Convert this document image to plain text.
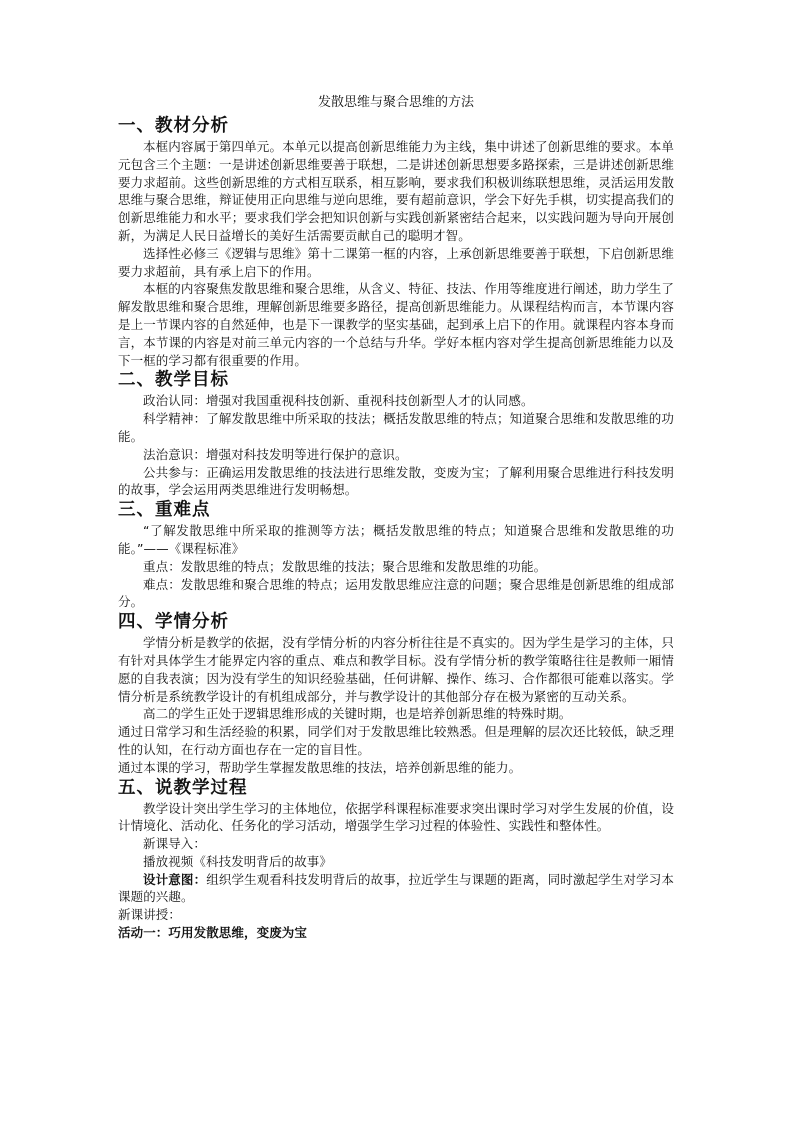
发散思维与聚合思维的方法
一、教材分析

本框内容属于第四单元。本单元以提高创新思维能力为主线，集中讲述了创新思维的要求。本单元包含三个主题：一是讲述创新思维要善于联想，二是讲述创新思想要多路探索，三是讲述创新思维要力求超前。这些创新思维的方式相互联系，相互影响，要求我们积极训练联想思维，灵活运用发散思维与聚合思维，辩证使用正向思维与逆向思维，要有超前意识，学会下好先手棋，切实提高我们的创新思维能力和水平；要求我们学会把知识创新与实践创新紧密结合起来，以实践问题为导向开展创新，为满足人民日益增长的美好生活需要贡献自己的聪明才智。

选择性必修三《逻辑与思维》第十二课第一框的内容，上承创新思维要善于联想，下启创新思维要力求超前，具有承上启下的作用。

本框的内容聚焦发散思维和聚合思维，从含义、特征、技法、作用等维度进行阐述，助力学生了解发散思维和聚合思维，理解创新思维要多路径，提高创新思维能力。从课程结构而言，本节课内容是上一节课内容的自然延伸，也是下一课教学的坚实基础，起到承上启下的作用。就课程内容本身而言，本节课的内容是对前三单元内容的一个总结与升华。学好本框内容对学生提高创新思维能力以及下一框的学习都有很重要的作用。

二、教学目标

政治认同：增强对我国重视科技创新、重视科技创新型人才的认同感。

科学精神：了解发散思维中所采取的技法；概括发散思维的特点；知道聚合思维和发散思维的功能。

法治意识：增强对科技发明等进行保护的意识。

公共参与：正确运用发散思维的技法进行思维发散，变废为宝；了解利用聚合思维进行科技发明的故事，学会运用两类思维进行发明畅想。

三、重难点

“了解发散思维中所采取的推测等方法；概括发散思维的特点；知道聚合思维和发散思维的功能。”——《课程标准》

重点：发散思维的特点；发散思维的技法；聚合思维和发散思维的功能。

难点：发散思维和聚合思维的特点；运用发散思维应注意的问题；聚合思维是创新思维的组成部分。

四、学情分析

学情分析是教学的依据，没有学情分析的内容分析往往是不真实的。因为学生是学习的主体，只有针对具体学生才能界定内容的重点、难点和教学目标。没有学情分析的教学策略往往是教师一厢情愿的自我表演；因为没有学生的知识经验基础，任何讲解、操作、练习、合作都很可能难以落实。学情分析是系统教学设计的有机组成部分，并与教学设计的其他部分存在极为紧密的互动关系。

高二的学生正处于逻辑思维形成的关键时期，也是培养创新思维的特殊时期。

通过日常学习和生活经验的积累，同学们对于发散思维比较熟悉。但是理解的层次还比较低，缺乏理性的认知，在行动方面也存在一定的盲目性。

通过本课的学习，帮助学生掌握发散思维的技法，培养创新思维的能力。

五、说教学过程

教学设计突出学生学习的主体地位，依据学科课程标准要求突出课时学习对学生发展的价值，设计情境化、活动化、任务化的学习活动，增强学生学习过程的体验性、实践性和整体性。

新课导入：

播放视频《科技发明背后的故事》

设计意图：组织学生观看科技发明背后的故事，拉近学生与课题的距离，同时激起学生对学习本课题的兴趣。

新课讲授：

活动一：巧用发散思维，变废为宝
